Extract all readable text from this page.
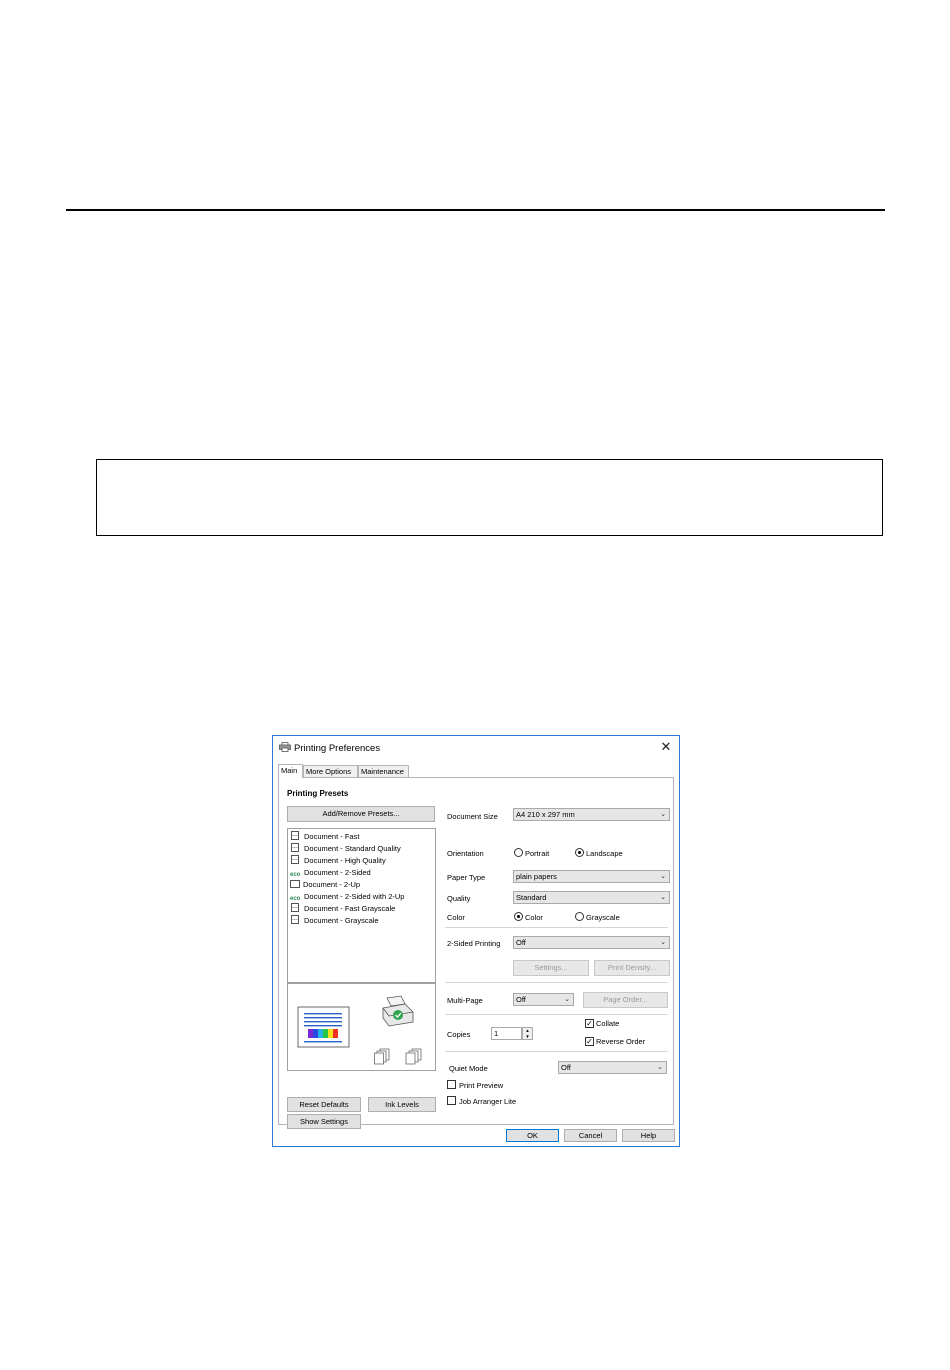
Printing Preferences	✕
Main	More Options	Maintenance
Printing Presets
Add/Remove Presets...
Document - Fast
Document - Standard Quality
Document - High Quality
eco Document - 2-Sided
Document - 2-Up
eco Document - 2-Sided with 2-Up
Document - Fast Grayscale
Document - Grayscale
Show Settings
Document Size	A4 210 x 297 mm	⌄
Orientation	Portrait	Landscape
Paper Type	plain papers	⌄
Quality	Standard	⌄
Color	Color	Grayscale
2-Sided Printing	Off	⌄
Settings...	Print Density...
Multi-Page	Off	⌄	Page Order...
Copies	1	▲
▼
✓ Collate
✓ Reverse Order
Quiet Mode	Off	⌄
Print Preview
Job Arranger Lite
Reset Defaults	Ink Levels
OK	Cancel	Help
